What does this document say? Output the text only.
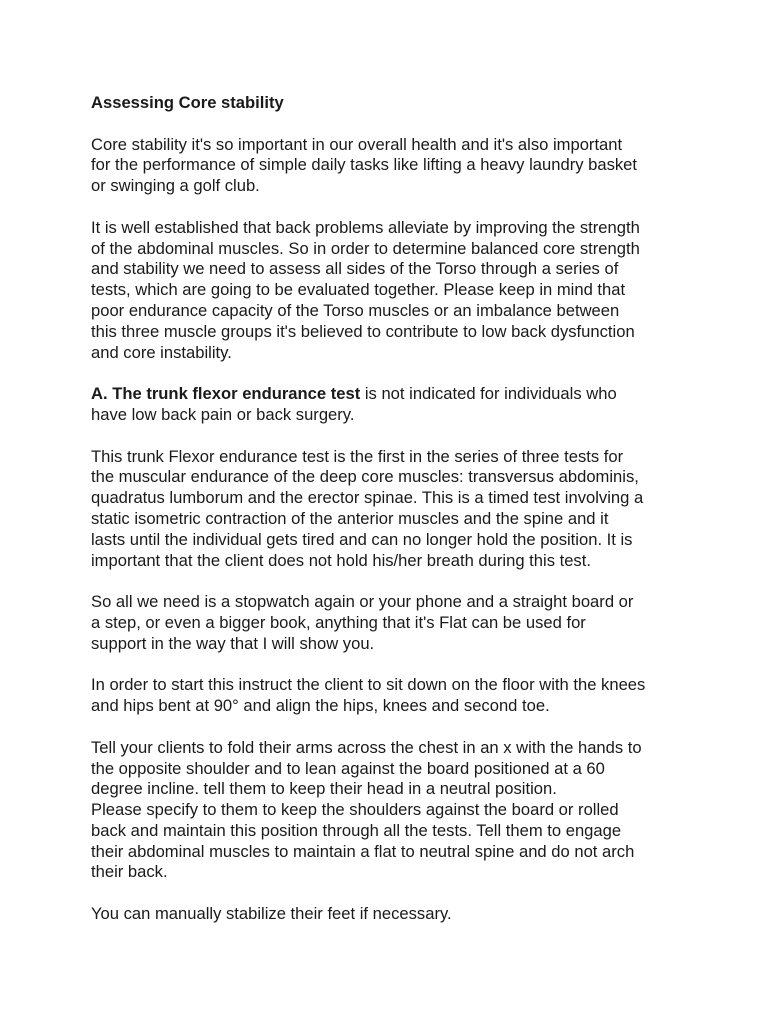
Assessing Core stability

Core stability it's so important in our overall health and it's also important
for the performance of simple daily tasks like lifting a heavy laundry basket
or swinging a golf club.

It is well established that back problems alleviate by improving the strength
of the abdominal muscles. So in order to determine balanced core strength
and stability we need to assess all sides of the Torso through a series of
tests, which are going to be evaluated together. Please keep in mind that
poor endurance capacity of the Torso muscles or an imbalance between
this three muscle groups it's believed to contribute to low back dysfunction
and core instability.

A. The trunk flexor endurance test is not indicated for individuals who
have low back pain or back surgery.

This trunk Flexor endurance test is the first in the series of three tests for
the muscular endurance of the deep core muscles: transversus abdominis,
quadratus lumborum and the erector spinae. This is a timed test involving a
static isometric contraction of the anterior muscles and the spine and it
lasts until the individual gets tired and can no longer hold the position. It is
important that the client does not hold his/her breath during this test.

So all we need is a stopwatch again or your phone and a straight board or
a step, or even a bigger book, anything that it's Flat can be used for
support in the way that I will show you.

In order to start this instruct the client to sit down on the floor with the knees
and hips bent at 90° and align the hips, knees and second toe.

Tell your clients to fold their arms across the chest in an x with the hands to
the opposite shoulder and to lean against the board positioned at a 60
degree incline. tell them to keep their head in a neutral position.
Please specify to them to keep the shoulders against the board or rolled
back and maintain this position through all the tests. Tell them to engage
their abdominal muscles to maintain a flat to neutral spine and do not arch
their back.

You can manually stabilize their feet if necessary.
